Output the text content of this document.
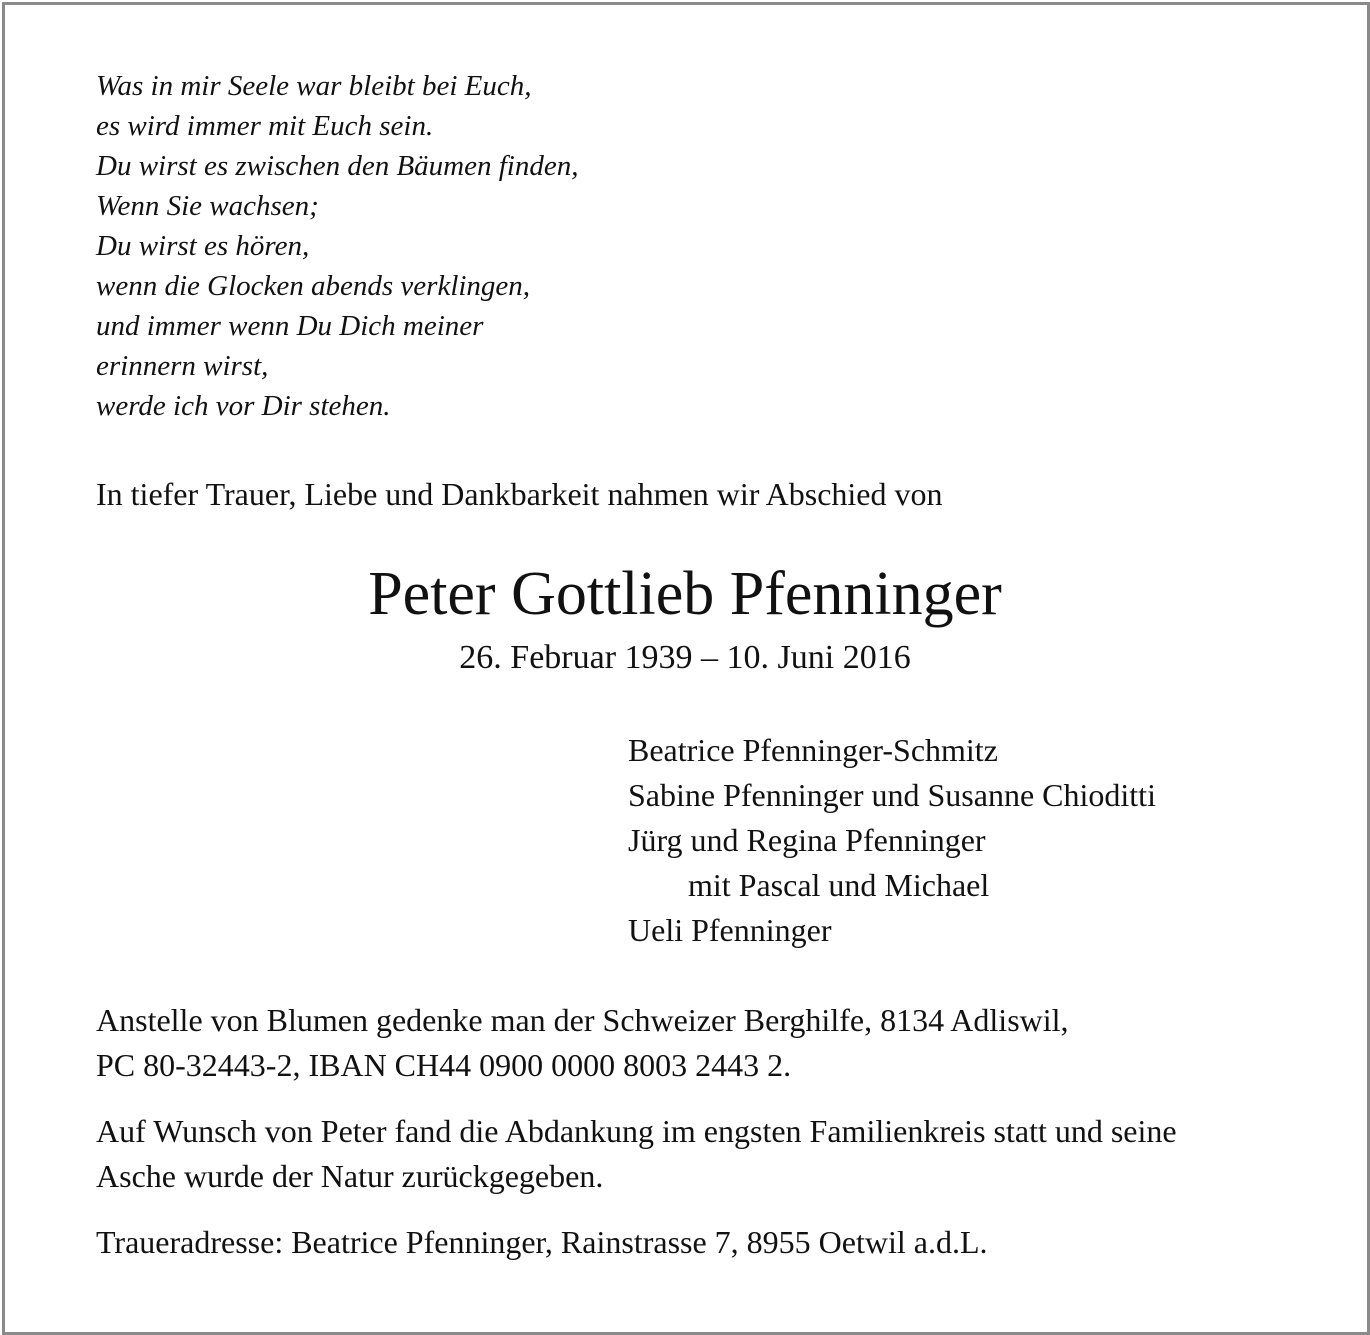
Was in mir Seele war bleibt bei Euch,
es wird immer mit Euch sein.
Du wirst es zwischen den Bäumen finden,
Wenn Sie wachsen;
Du wirst es hören,
wenn die Glocken abends verklingen,
und immer wenn Du Dich meiner
erinnern wirst,
werde ich vor Dir stehen.
In tiefer Trauer, Liebe und Dankbarkeit nahmen wir Abschied von
Peter Gottlieb Pfenninger
26. Februar 1939 – 10. Juni 2016
Beatrice Pfenninger-Schmitz
Sabine Pfenninger und Susanne Chioditti
Jürg und Regina Pfenninger
mit Pascal und Michael
Ueli Pfenninger
Anstelle von Blumen gedenke man der Schweizer Berghilfe, 8134 Adliswil,
PC 80-32443-2, IBAN CH44 0900 0000 8003 2443 2.
Auf Wunsch von Peter fand die Abdankung im engsten Familienkreis statt und seine
Asche wurde der Natur zurückgegeben.
Traueradresse: Beatrice Pfenninger, Rainstrasse 7, 8955 Oetwil a.d.L.
